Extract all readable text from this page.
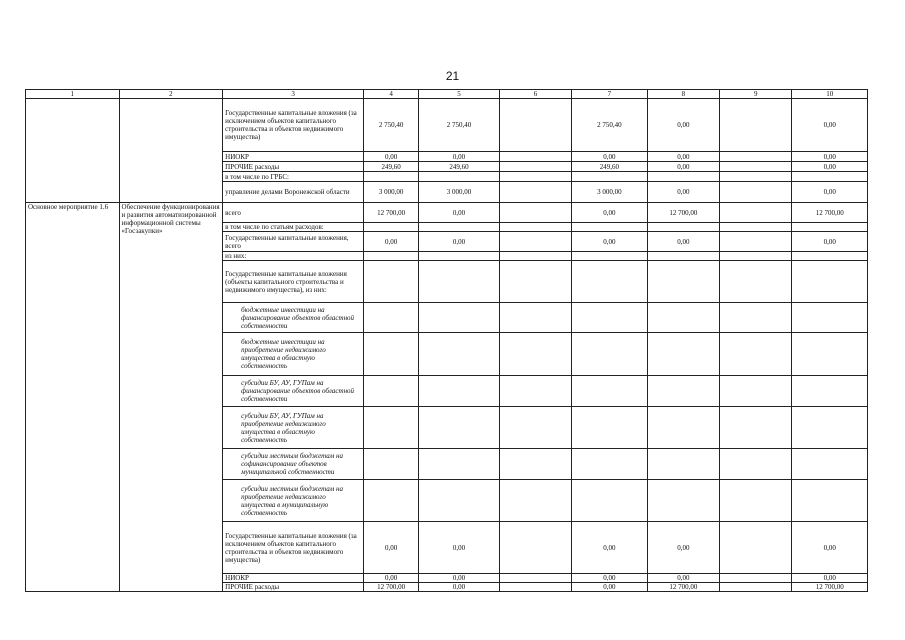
21
1	2	3	4	5	6	7	8	9	10
		Государственные капитальные вложения (за исключением объектов капитального строительства и объектов недвижимого имущества)	2 750,40	2 750,40		2 750,40	0,00		0,00
		НИОКР	0,00	0,00		0,00	0,00		0,00
		ПРОЧИЕ расходы	249,60	249,60		249,60	0,00		0,00
		в том числе по ГРБС:							
		управление делами Воронежской области	3 000,00	3 000,00		3 000,00	0,00		0,00
Основное мероприятие 1.6	Обеспечение функционирования и развития автоматизированной информационной системы «Госзакупки»	всего	12 700,00	0,00		0,00	12 700,00		12 700,00
		в том числе по статьям расходов:							
		Государственные капитальные вложения, всего	0,00	0,00		0,00	0,00		0,00
		из них:							
		Государственные капитальные вложения (объекты капитального строительства и недвижимого имущества), из них:							
		бюджетные инвестиции на финансирование объектов областной собственности							
		бюджетные инвестиции на приобретение недвижимого имущества в областную собственность							
		субсидии БУ, АУ, ГУПам на финансирование объектов областной собственности							
		субсидии БУ, АУ, ГУПам на приобретение недвижимого имущества в областную собственность							
		субсидии местным бюджетам на софинансирование объектов муниципальной собственности							
		субсидии местным бюджетам на приобретение недвижимого имущества в муниципальную собственность							
		Государственные капитальные вложения (за исключением объектов капитального строительства и объектов недвижимого имущества)	0,00	0,00		0,00	0,00		0,00
		НИОКР	0,00	0,00		0,00	0,00		0,00
		ПРОЧИЕ расходы	12 700,00	0,00		0,00	12 700,00		12 700,00
